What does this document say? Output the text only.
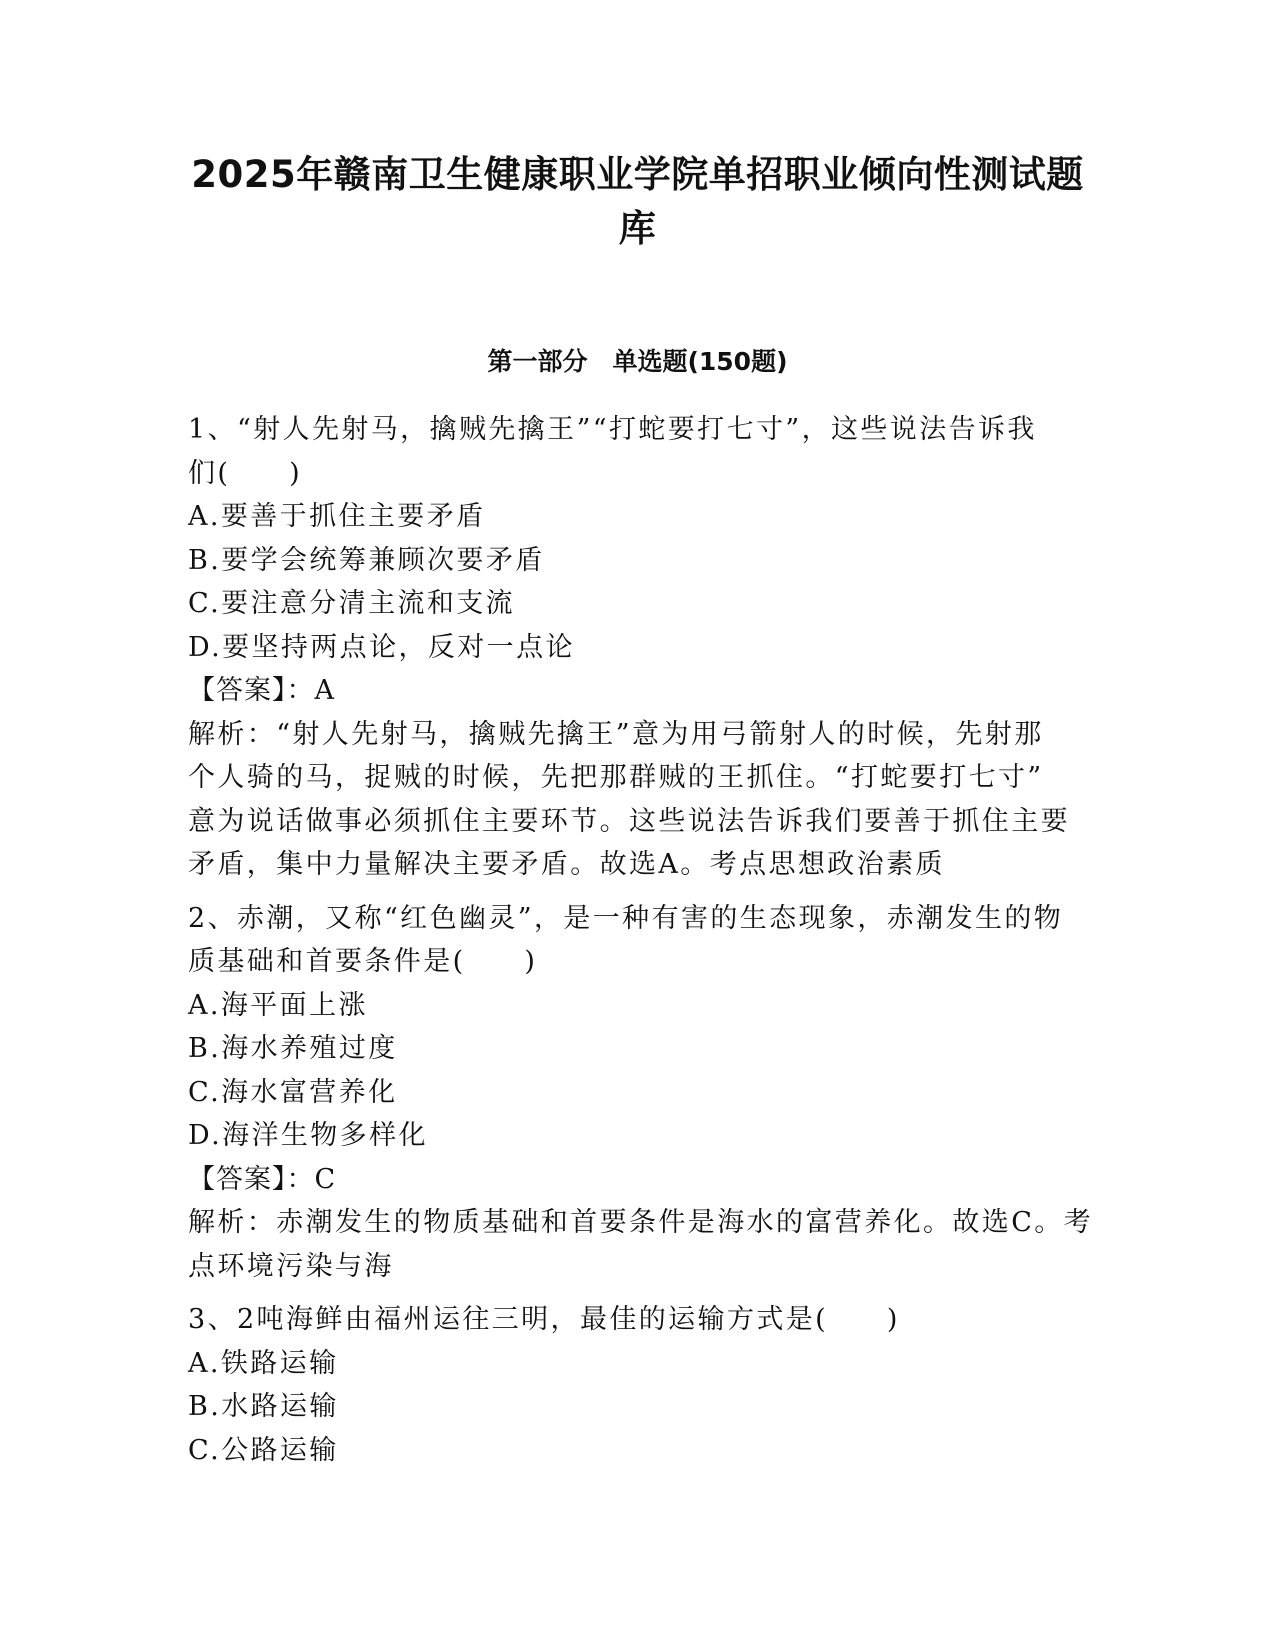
2025年赣南卫生健康职业学院单招职业倾向性测试题
库
第一部分　单选题(150题)
1、“射人先射马，擒贼先擒王”“打蛇要打七寸”，这些说法告诉我
们(　　)
A.要善于抓住主要矛盾
B.要学会统筹兼顾次要矛盾
C.要注意分清主流和支流
D.要坚持两点论，反对一点论
【答案】：A
解析：“射人先射马，擒贼先擒王”意为用弓箭射人的时候，先射那
个人骑的马，捉贼的时候，先把那群贼的王抓住。“打蛇要打七寸”
意为说话做事必须抓住主要环节。这些说法告诉我们要善于抓住主要
矛盾，集中力量解决主要矛盾。故选A。考点思想政治素质
2、赤潮，又称“红色幽灵”，是一种有害的生态现象，赤潮发生的物
质基础和首要条件是(　　)
A.海平面上涨
B.海水养殖过度
C.海水富营养化
D.海洋生物多样化
【答案】：C
解析：赤潮发生的物质基础和首要条件是海水的富营养化。故选C。考
点环境污染与海
3、2吨海鲜由福州运往三明，最佳的运输方式是(　　)
A.铁路运输
B.水路运输
C.公路运输
